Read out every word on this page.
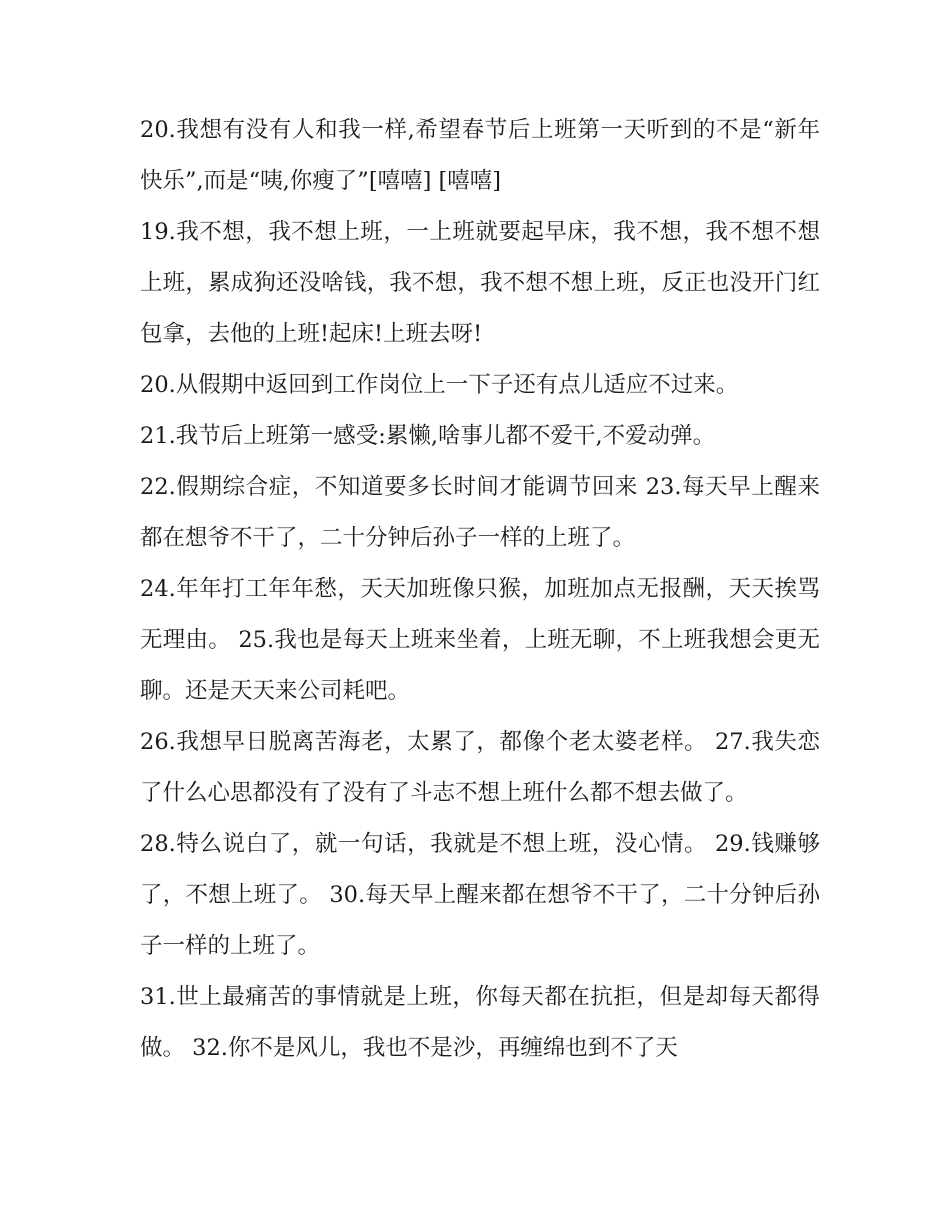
20.我想有没有人和我一样,希望春节后上班第一天听到的不是“新年快乐”,而是“咦,你瘦了”[嘻嘻] [嘻嘻]

19.我不想，我不想上班，一上班就要起早床，我不想，我不想不想上班，累成狗还没啥钱，我不想，我不想不想上班，反正也没开门红包拿，去他的上班!起床!上班去呀!

20.从假期中返回到工作岗位上一下子还有点儿适应不过来。

21.我节后上班第一感受:累懒,啥事儿都不爱干,不爱动弹。

22.假期综合症，不知道要多长时间才能调节回来 23.每天早上醒来都在想爷不干了，二十分钟后孙子一样的上班了。

24.年年打工年年愁，天天加班像只猴，加班加点无报酬，天天挨骂无理由。 25.我也是每天上班来坐着，上班无聊，不上班我想会更无聊。还是天天来公司耗吧。

26.我想早日脱离苦海老，太累了，都像个老太婆老样。 27.我失恋了什么心思都没有了没有了斗志不想上班什么都不想去做了。

28.特么说白了，就一句话，我就是不想上班，没心情。 29.钱赚够了，不想上班了。 30.每天早上醒来都在想爷不干了，二十分钟后孙子一样的上班了。

31.世上最痛苦的事情就是上班，你每天都在抗拒，但是却每天都得做。 32.你不是风儿，我也不是沙，再缠绵也到不了天
